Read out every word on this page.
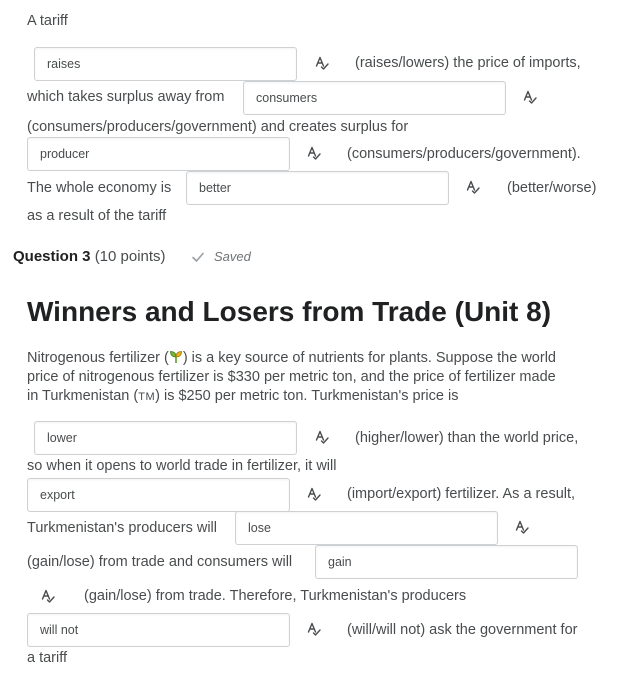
A tariff
raises	(raises/lowers) the price of imports,
which takes surplus away from	consumers
(consumers/producers/government) and creates surplus for
producer	(consumers/producers/government).
The whole economy is	better	(better/worse)
as a result of the tariff
Question 3 (10 points)	Saved
Winners and Losers from Trade (Unit 8)
Nitrogenous fertilizer ( ) is a key source of nutrients for plants. Suppose the world
price of nitrogenous fertilizer is $330 per metric ton, and the price of fertilizer made
in Turkmenistan (TM) is $250 per metric ton. Turkmenistan's price is
lower	(higher/lower) than the world price,
so when it opens to world trade in fertilizer, it will
export	(import/export) fertilizer. As a result,
Turkmenistan's producers will	lose
(gain/lose) from trade and consumers will	gain
(gain/lose) from trade. Therefore, Turkmenistan's producers
will not	(will/will not) ask the government for
a tariff
